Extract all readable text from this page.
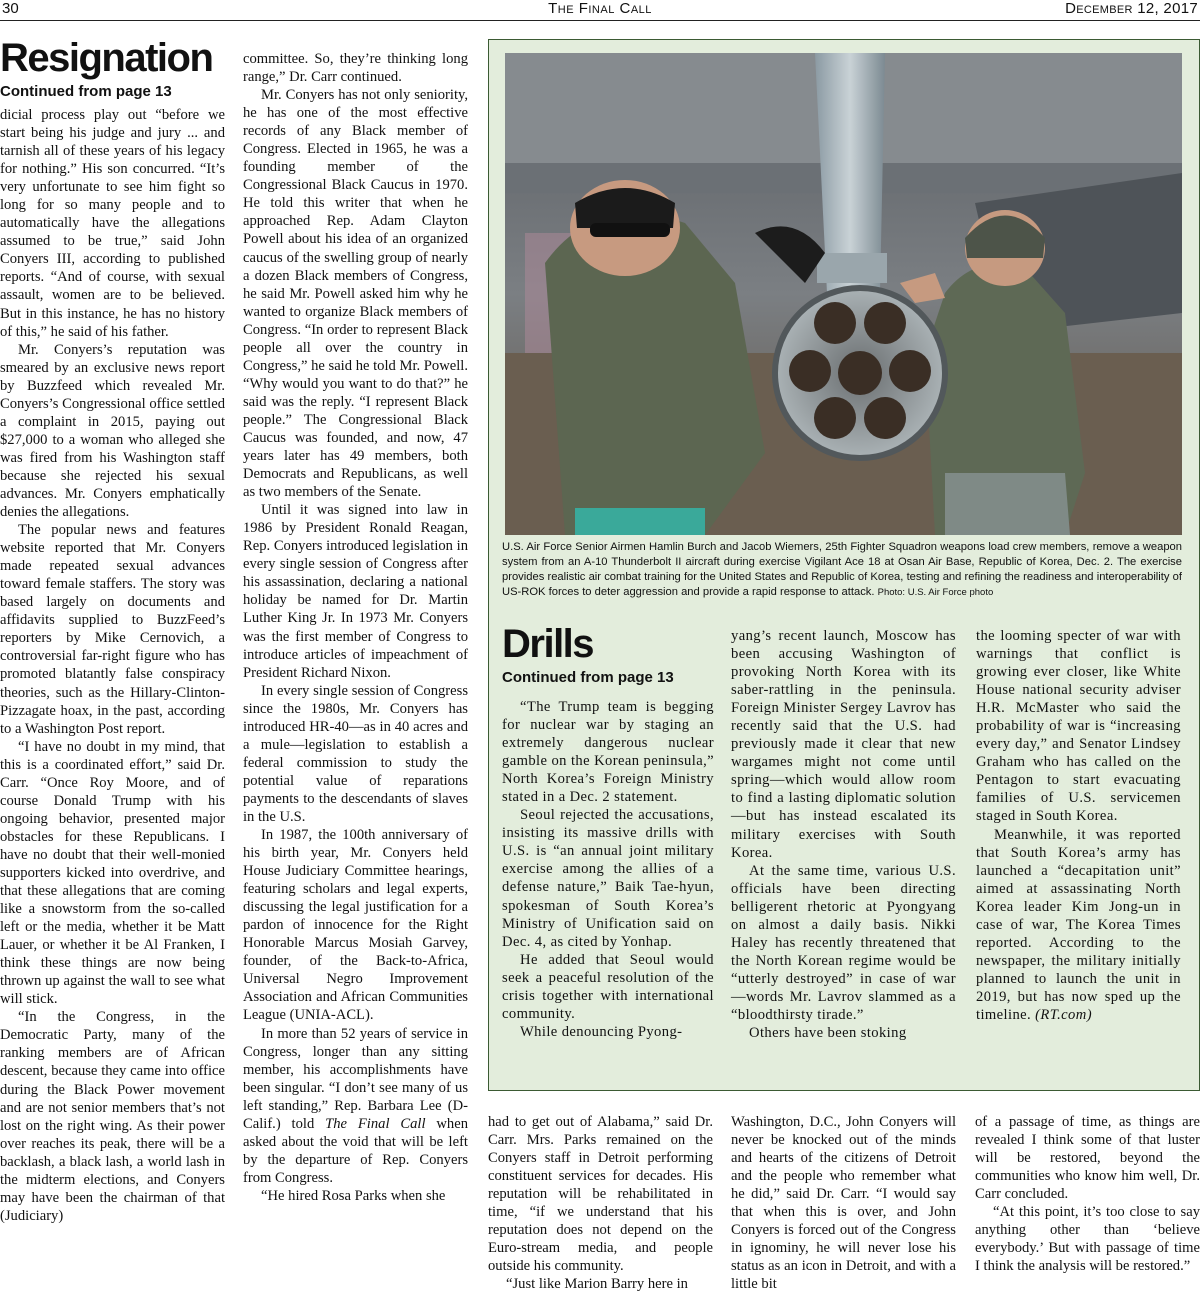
30	The Final Call	December 12, 2017
Resignation
Continued from page 13

dicial process play out “before we start being his judge and jury ... and tarnish all of these years of his legacy for nothing.” His son concurred. “It’s very unfortunate to see him fight so long for so many people and to automatically have the allegations assumed to be true,” said John Conyers III, according to published reports. “And of course, with sexual assault, women are to be believed. But in this instance, he has no history of this,” he said of his father.

Mr. Conyers’s reputation was smeared by an exclusive news report by Buzzfeed which revealed Mr. Conyers’s Congressional office settled a complaint in 2015, paying out $27,000 to a woman who alleged she was fired from his Washington staff because she rejected his sexual advances. Mr. Conyers emphatically denies the allegations.

The popular news and features website reported that Mr. Conyers made repeated sexual advances toward female staffers. The story was based largely on documents and affidavits supplied to BuzzFeed’s reporters by Mike Cernovich, a controversial far-right figure who has promoted blatantly false conspiracy theories, such as the Hillary-Clinton-Pizzagate hoax, in the past, according to a Washington Post report.

“I have no doubt in my mind, that this is a coordinated effort,” said Dr. Carr. “Once Roy Moore, and of course Donald Trump with his ongoing behavior, presented major obstacles for these Republicans. I have no doubt that their well-monied supporters kicked into overdrive, and that these allegations that are coming like a snowstorm from the so-called left or the media, whether it be Matt Lauer, or whether it be Al Franken, I think these things are now being thrown up against the wall to see what will stick.

“In the Congress, in the Democratic Party, many of the ranking members are of African descent, because they came into office during the Black Power movement and are not senior members that’s not lost on the right wing. As their power over reaches its peak, there will be a backlash, a black lash, a world lash in the midterm elections, and Conyers may have been the chairman of that (Judiciary)

committee. So, they’re thinking long range,” Dr. Carr continued.

Mr. Conyers has not only seniority, he has one of the most effective records of any Black member of Congress. Elected in 1965, he was a founding member of the Congressional Black Caucus in 1970. He told this writer that when he approached Rep. Adam Clayton Powell about his idea of an organized caucus of the swelling group of nearly a dozen Black members of Congress, he said Mr. Powell asked him why he wanted to organize Black members of Congress. “In order to represent Black people all over the country in Congress,” he said he told Mr. Powell. “Why would you want to do that?” he said was the reply. “I represent Black people.” The Congressional Black Caucus was founded, and now, 47 years later has 49 members, both Democrats and Republicans, as well as two members of the Senate.

Until it was signed into law in 1986 by President Ronald Reagan, Rep. Conyers introduced legislation in every single session of Congress after his assassination, declaring a national holiday be named for Dr. Martin Luther King Jr. In 1973 Mr. Conyers was the first member of Congress to introduce articles of impeachment of President Richard Nixon.

In every single session of Congress since the 1980s, Mr. Conyers has introduced HR-40—as in 40 acres and a mule—legislation to establish a federal commission to study the potential value of reparations payments to the descendants of slaves in the U.S.

In 1987, the 100th anniversary of his birth year, Mr. Conyers held House Judiciary Committee hearings, featuring scholars and legal experts, discussing the legal justification for a pardon of innocence for the Right Honorable Marcus Mosiah Garvey, founder, of the Back-to-Africa, Universal Negro Improvement Association and African Communities League (UNIA-ACL).

In more than 52 years of service in Congress, longer than any sitting member, his accomplishments have been singular. “I don’t see many of us left standing,” Rep. Barbara Lee (D-Calif.) told The Final Call when asked about the void that will be left by the departure of Rep. Conyers from Congress.

“He hired Rosa Parks when she

U.S. Air Force Senior Airmen Hamlin Burch and Jacob Wiemers, 25th Fighter Squadron weapons load crew members, remove a weapon system from an A-10 Thunderbolt II aircraft during exercise Vigilant Ace 18 at Osan Air Base, Republic of Korea, Dec. 2. The exercise provides realistic air combat training for the United States and Republic of Korea, testing and refining the readiness and interoperability of US-ROK forces to deter aggression and provide a rapid response to attack. Photo: U.S. Air Force photo
Drills
Continued from page 13

“The Trump team is begging for nuclear war by staging an extremely dangerous nuclear gamble on the Korean peninsula,” North Korea’s Foreign Ministry stated in a Dec. 2 statement.

Seoul rejected the accusations, insisting its massive drills with U.S. is “an annual joint military exercise among the allies of a defense nature,” Baik Tae-hyun, spokesman of South Korea’s Ministry of Unification said on Dec. 4, as cited by Yonhap.

He added that Seoul would seek a peaceful resolution of the crisis together with international community.

While denouncing Pyong-

yang’s recent launch, Moscow has been accusing Washington of provoking North Korea with its saber-rattling in the peninsula. Foreign Minister Sergey Lavrov has recently said that the U.S. had previously made it clear that new wargames might not come until spring—which would allow room to find a lasting diplomatic solution—but has instead escalated its military exercises with South Korea.

At the same time, various U.S. officials have been directing belligerent rhetoric at Pyongyang on almost a daily basis. Nikki Haley has recently threatened that the North Korean regime would be “utterly destroyed” in case of war—words Mr. Lavrov slammed as a “bloodthirsty tirade.”

Others have been stoking

the looming specter of war with warnings that conflict is growing ever closer, like White House national security adviser H.R. McMaster who said the probability of war is “increasing every day,” and Senator Lindsey Graham who has called on the Pentagon to start evacuating families of U.S. servicemen staged in South Korea.

Meanwhile, it was reported that South Korea’s army has launched a “decapitation unit” aimed at assassinating North Korea leader Kim Jong-un in case of war, The Korea Times reported. According to the newspaper, the military initially planned to launch the unit in 2019, but has now sped up the timeline. (RT.com)

had to get out of Alabama,” said Dr. Carr. Mrs. Parks remained on the Conyers staff in Detroit performing constituent services for decades. His reputation will be rehabilitated in time, “if we understand that his reputation does not depend on the Euro-stream media, and people outside his community.

“Just like Marion Barry here in

Washington, D.C., John Conyers will never be knocked out of the minds and hearts of the citizens of Detroit and the people who remember what he did,” said Dr. Carr. “I would say that when this is over, and John Conyers is forced out of the Congress in ignominy, he will never lose his status as an icon in Detroit, and with a little bit

of a passage of time, as things are revealed I think some of that luster will be restored, beyond the communities who know him well, Dr. Carr concluded.

“At this point, it’s too close to say anything other than ‘believe everybody.’ But with passage of time I think the analysis will be restored.”
